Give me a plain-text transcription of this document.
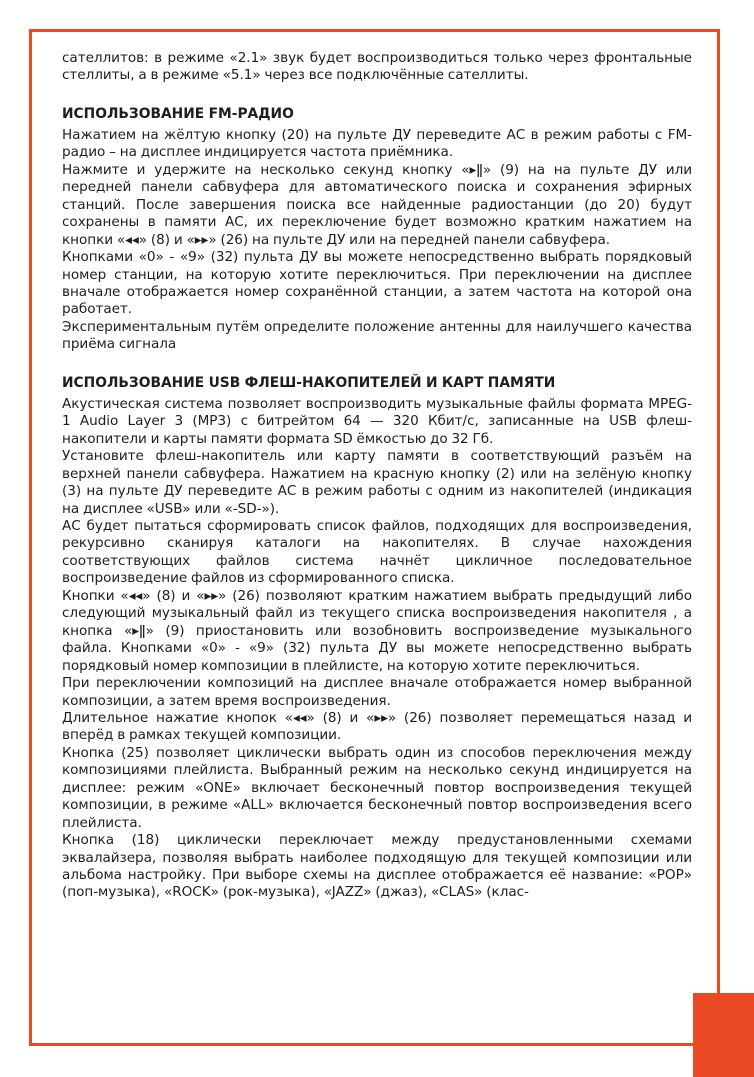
сателлитов: в режиме «2.1» звук будет воспроизводиться только через фронтальные стеллиты, а в режиме «5.1» через все подключённые сателлиты.

ИСПОЛЬЗОВАНИЕ FM-РАДИО

Нажатием на жёлтую кнопку (20) на пульте ДУ переведите АС в режим работы с FM-радио – на дисплее индицируется частота приёмника.

Нажмите и удержите на несколько секунд кнопку «▸ǁ» (9) на на пульте ДУ или передней панели сабвуфера для автоматического поиска и сохранения эфирных станций. После завершения поиска все найденные радиостанции (до 20) будут сохранены в памяти АС, их переключение будет возможно кратким нажатием на кнопки «◂◂» (8) и «▸▸» (26) на пульте ДУ или на передней панели сабвуфера.

Кнопками «0» - «9» (32) пульта ДУ вы можете непосредственно выбрать порядковый номер станции, на которую хотите переключиться. При переключении на дисплее вначале отображается номер сохранённой станции, а затем частота на которой она работает.

Экспериментальным путём определите положение антенны для наилучшего качества приёма сигнала

ИСПОЛЬЗОВАНИЕ USB ФЛЕШ-НАКОПИТЕЛЕЙ И КАРТ ПАМЯТИ

Акустическая система позволяет воспроизводить музыкальные файлы формата MPEG-1 Audio Layer 3 (MP3) с битрейтом 64 — 320 Кбит/с, записанные на USB флеш-накопители и карты памяти формата SD ёмкостью до 32 Гб.

Установите флеш-накопитель или карту памяти в соответствующий разъём на верхней панели сабвуфера. Нажатием на красную кнопку (2) или на зелёную кнопку (3) на пульте ДУ переведите АС в режим работы с одним из накопителей (индикация на дисплее «USB» или «-SD-»).

АС будет пытаться сформировать список файлов, подходящих для воспроизведения, рекурсивно сканируя каталоги на накопителях. В случае нахождения соответствующих файлов система начнёт цикличное последовательное воспроизведение файлов из сформированного списка.

Кнопки «◂◂» (8) и «▸▸» (26) позволяют кратким нажатием выбрать предыдущий либо следующий музыкальный файл из текущего списка воспроизведения накопителя , а кнопка «▸ǁ» (9) приостановить или возобновить воспроизведение музыкального файла. Кнопками «0» - «9» (32) пульта ДУ вы можете непосредственно выбрать порядковый номер композиции в плейлисте, на которую хотите переключиться.

При переключении композиций на дисплее вначале отображается номер выбранной композиции, а затем время воспроизведения.

Длительное нажатие кнопок «◂◂» (8) и «▸▸» (26) позволяет перемещаться назад и вперёд в рамках текущей композиции.

Кнопка (25) позволяет циклически выбрать один из способов переключения между композициями плейлиста. Выбранный режим на несколько секунд индицируется на дисплее: режим «ONE» включает бесконечный повтор воспроизведения текущей композиции, в режиме «ALL» включается бесконечный повтор воспроизведения всего плейлиста.

Кнопка (18) циклически переключает между предустановленными схемами эквалайзера, позволяя выбрать наиболее подходящую для текущей композиции или альбома настройку. При выборе схемы на дисплее отображается её название: «POP» (поп-музыка), «ROCK» (рок-музыка), «JAZZ» (джаз), «CLAS» (клас-
